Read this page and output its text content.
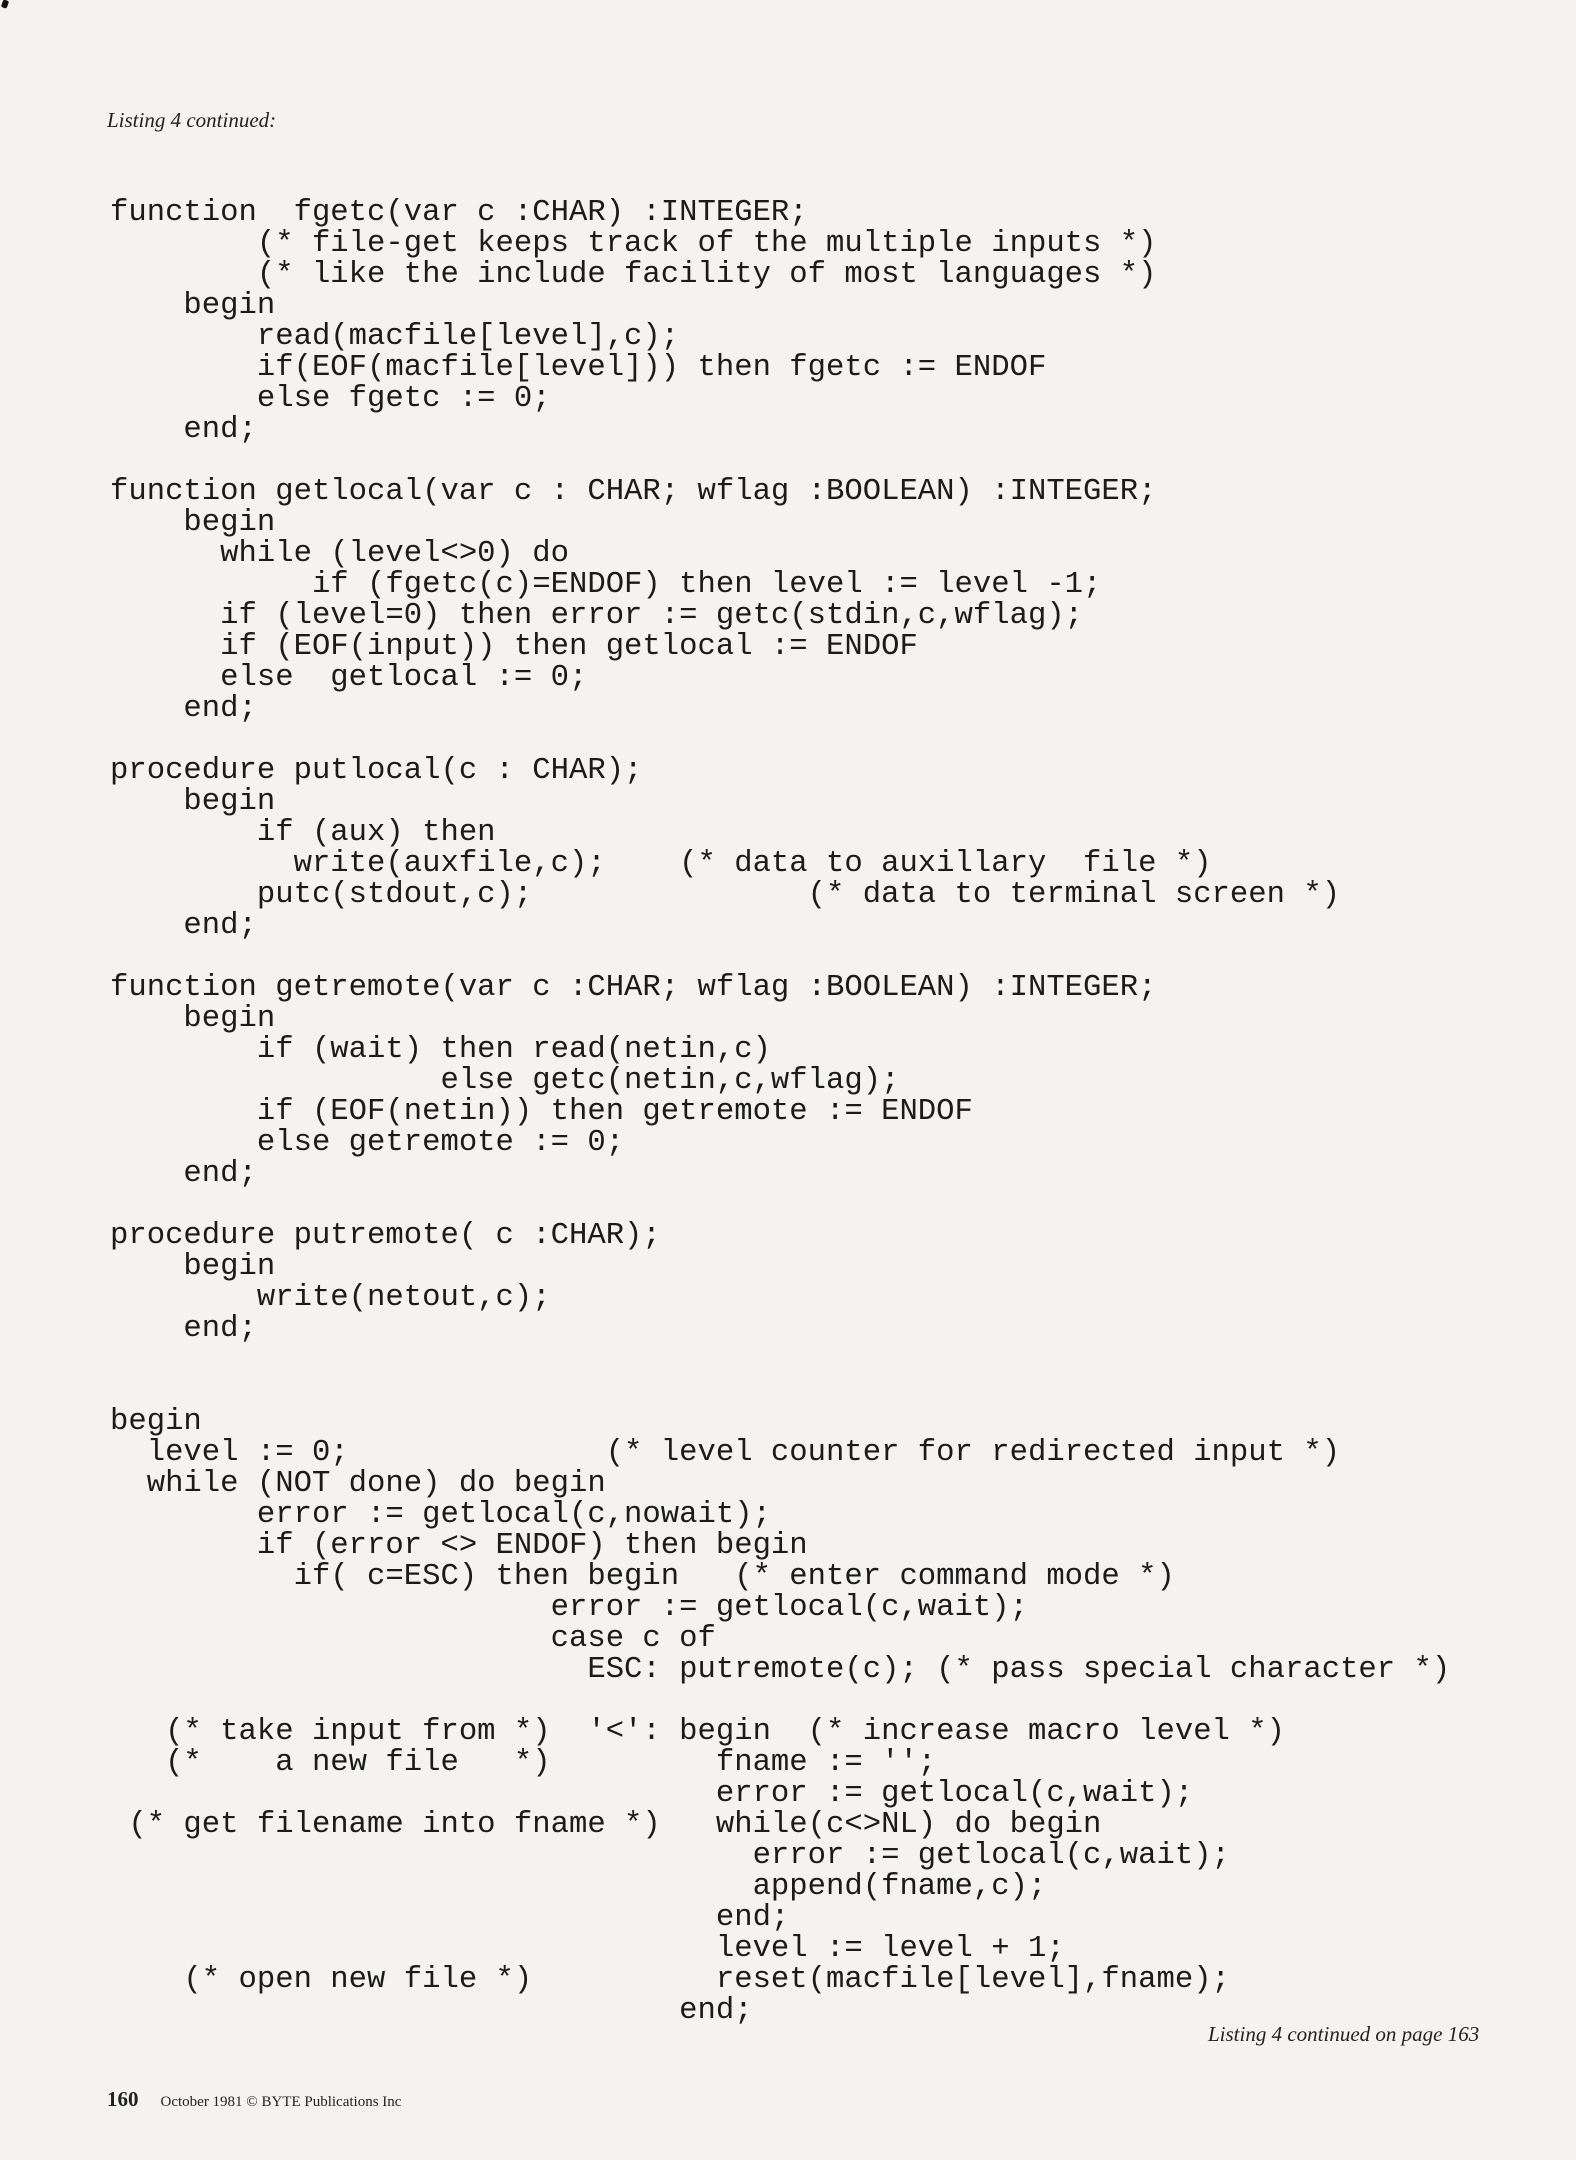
Listing 4 continued:
function  fgetc(var c :CHAR) :INTEGER;
(* file-get keeps track of the multiple inputs *)
(* like the include facility of most languages *)
begin
read(macfile[level],c);
if(EOF(macfile[level])) then fgetc := ENDOF
else fgetc := 0;
end;
function getlocal(var c : CHAR; wflag :BOOLEAN) :INTEGER;
begin
while (level<>0) do
if (fgetc(c)=ENDOF) then level := level -1;
if (level=0) then error := getc(stdin,c,wflag);
if (EOF(input)) then getlocal := ENDOF
else  getlocal := 0;
end;
procedure putlocal(c : CHAR);
begin
if (aux) then
write(auxfile,c);    (* data to auxillary  file *)
putc(stdout,c);               (* data to terminal screen *)
end;
function getremote(var c :CHAR; wflag :BOOLEAN) :INTEGER;
begin
if (wait) then read(netin,c)
else getc(netin,c,wflag);
if (EOF(netin)) then getremote := ENDOF
else getremote := 0;
end;
procedure putremote( c :CHAR);
begin
write(netout,c);
end;
begin
level := 0;              (* level counter for redirected input *)
while (NOT done) do begin
error := getlocal(c,nowait);
if (error <> ENDOF) then begin
if( c=ESC) then begin   (* enter command mode *)
error := getlocal(c,wait);
case c of
ESC: putremote(c); (* pass special character *)
(* take input from *)  '<': begin  (* increase macro level *)
(*    a new file   *)         fname := '';
error := getlocal(c,wait);
(* get filename into fname *)   while(c<>NL) do begin
error := getlocal(c,wait);
append(fname,c);
end;
level := level + 1;
(* open new file *)          reset(macfile[level],fname);
end;
Listing 4 continued on page 163
160 October 1981 © BYTE Publications Inc
